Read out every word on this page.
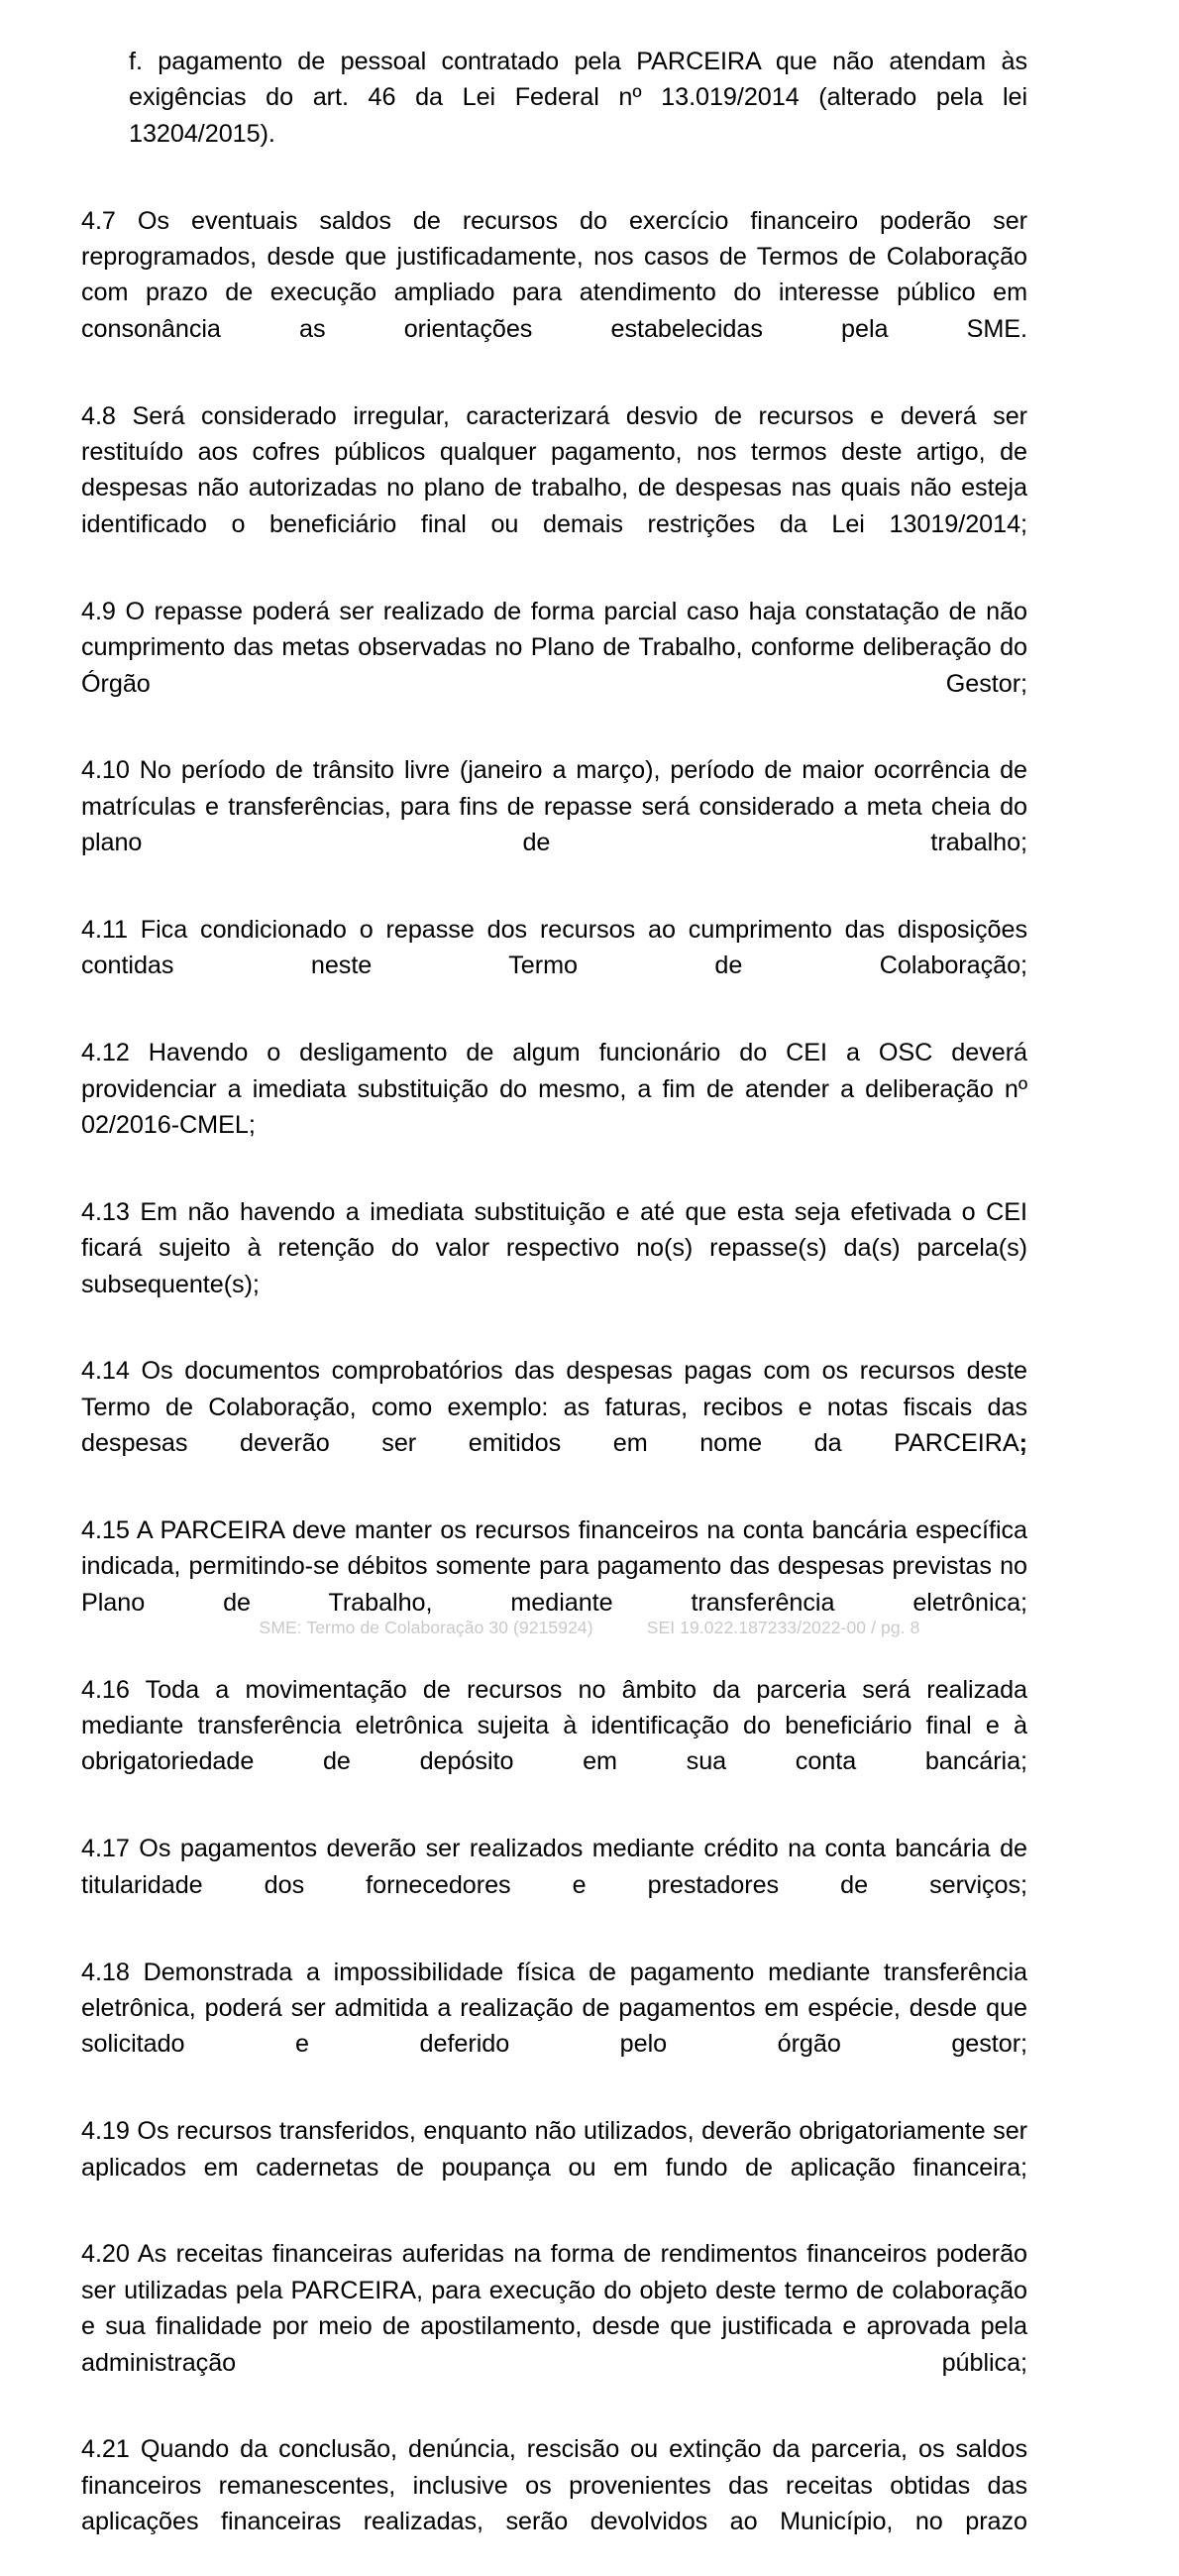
f. pagamento de pessoal contratado pela PARCEIRA que não atendam às exigências do art. 46 da Lei Federal nº 13.019/2014 (alterado pela lei 13204/2015).

4.7 Os eventuais saldos de recursos do exercício financeiro poderão ser reprogramados, desde que justificadamente, nos casos de Termos de Colaboração com prazo de execução ampliado para atendimento do interesse público em consonância as orientações estabelecidas pela SME.

4.8 Será considerado irregular, caracterizará desvio de recursos e deverá ser restituído aos cofres públicos qualquer pagamento, nos termos deste artigo, de despesas não autorizadas no plano de trabalho, de despesas nas quais não esteja identificado o beneficiário final ou demais restrições da Lei 13019/2014;

4.9 O repasse poderá ser realizado de forma parcial caso haja constatação de não cumprimento das metas observadas no Plano de Trabalho, conforme deliberação do Órgão Gestor;

4.10 No período de trânsito livre (janeiro a março), período de maior ocorrência de matrículas e transferências, para fins de repasse será considerado a meta cheia do plano de trabalho;

4.11 Fica condicionado o repasse dos recursos ao cumprimento das disposições contidas neste Termo de Colaboração;

4.12 Havendo o desligamento de algum funcionário do CEI a OSC deverá providenciar a imediata substituição do mesmo, a fim de atender a deliberação nº 02/2016-CMEL;

4.13 Em não havendo a imediata substituição e até que esta seja efetivada o CEI ficará sujeito à retenção do valor respectivo no(s) repasse(s) da(s) parcela(s) subsequente(s);

4.14 Os documentos comprobatórios das despesas pagas com os recursos deste Termo de Colaboração, como exemplo: as faturas, recibos e notas fiscais das despesas deverão ser emitidos em nome da PARCEIRA;

4.15 A PARCEIRA deve manter os recursos financeiros na conta bancária específica indicada, permitindo-se débitos somente para pagamento das despesas previstas no Plano de Trabalho, mediante transferência eletrônica;

4.16 Toda a movimentação de recursos no âmbito da parceria será realizada mediante transferência eletrônica sujeita à identificação do beneficiário final e à obrigatoriedade de depósito em sua conta bancária;

4.17 Os pagamentos deverão ser realizados mediante crédito na conta bancária de titularidade dos fornecedores e prestadores de serviços;

4.18 Demonstrada a impossibilidade física de pagamento mediante transferência eletrônica, poderá ser admitida a realização de pagamentos em espécie, desde que solicitado e deferido pelo órgão gestor;

4.19 Os recursos transferidos, enquanto não utilizados, deverão obrigatoriamente ser aplicados em cadernetas de poupança ou em fundo de aplicação financeira;

4.20 As receitas financeiras auferidas na forma de rendimentos financeiros poderão ser utilizadas pela PARCEIRA, para execução do objeto deste termo de colaboração e sua finalidade por meio de apostilamento, desde que justificada e aprovada pela administração pública;

4.21 Quando da conclusão, denúncia, rescisão ou extinção da parceria, os saldos financeiros remanescentes, inclusive os provenientes das receitas obtidas das aplicações financeiras realizadas, serão devolvidos ao Município, no prazo

SME: Termo de Colaboração 30 (9215924)	SEI 19.022.187233/2022-00 / pg. 8
